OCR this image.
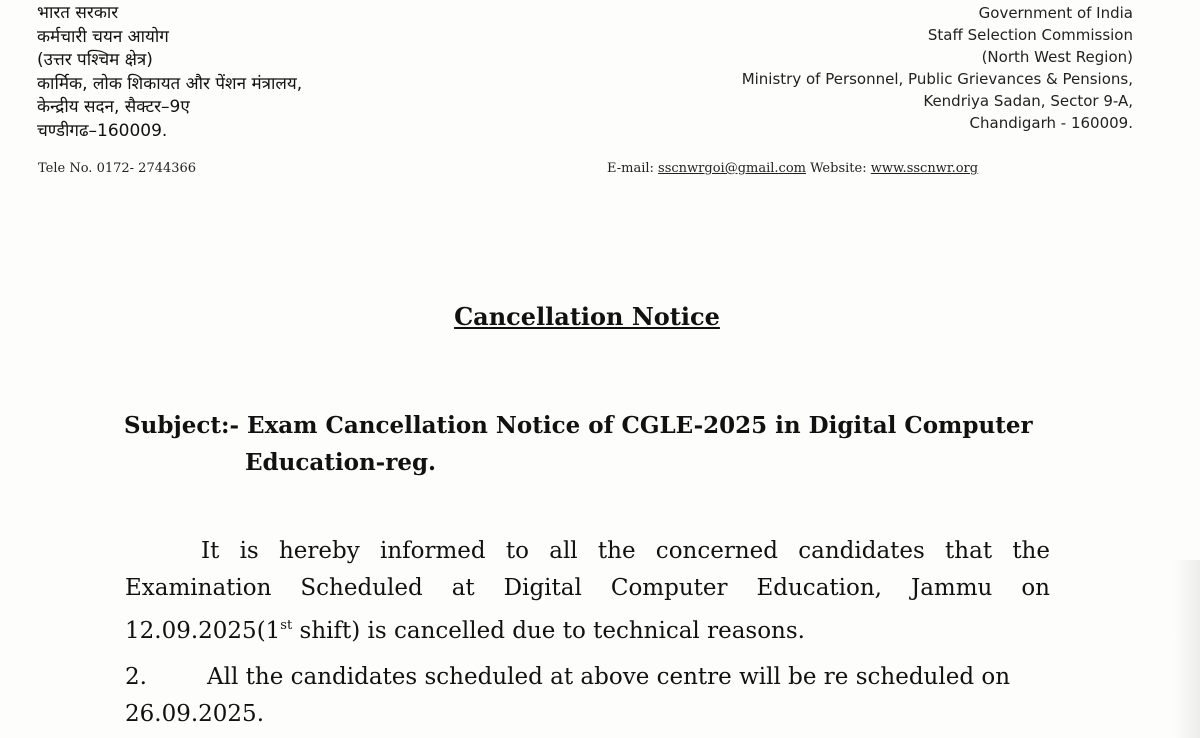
भारत सरकार
कर्मचारी चयन आयोग
(उत्तर पश्चिम क्षेत्र)
कार्मिक, लोक शिकायत और पेंशन मंत्रालय,
केन्द्रीय सदन, सैक्टर–9ए
चण्डीगढ–160009.
Tele No. 0172- 2744366
Government of India
Staff Selection Commission
(North West Region)
Ministry of Personnel, Public Grievances & Pensions,
Kendriya Sadan, Sector 9-A,
Chandigarh - 160009.
E-mail: sscnwrgoi@gmail.com Website: www.sscnwr.org
Cancellation Notice
Subject:- Exam Cancellation Notice of CGLE-2025 in Digital Computer
Education-reg.
It is hereby informed to all the concerned candidates that the
Examination Scheduled at Digital Computer Education, Jammu on
12.09.2025(1st shift) is cancelled due to technical reasons.
2.	All the candidates scheduled at above centre will be re scheduled on
26.09.2025.
